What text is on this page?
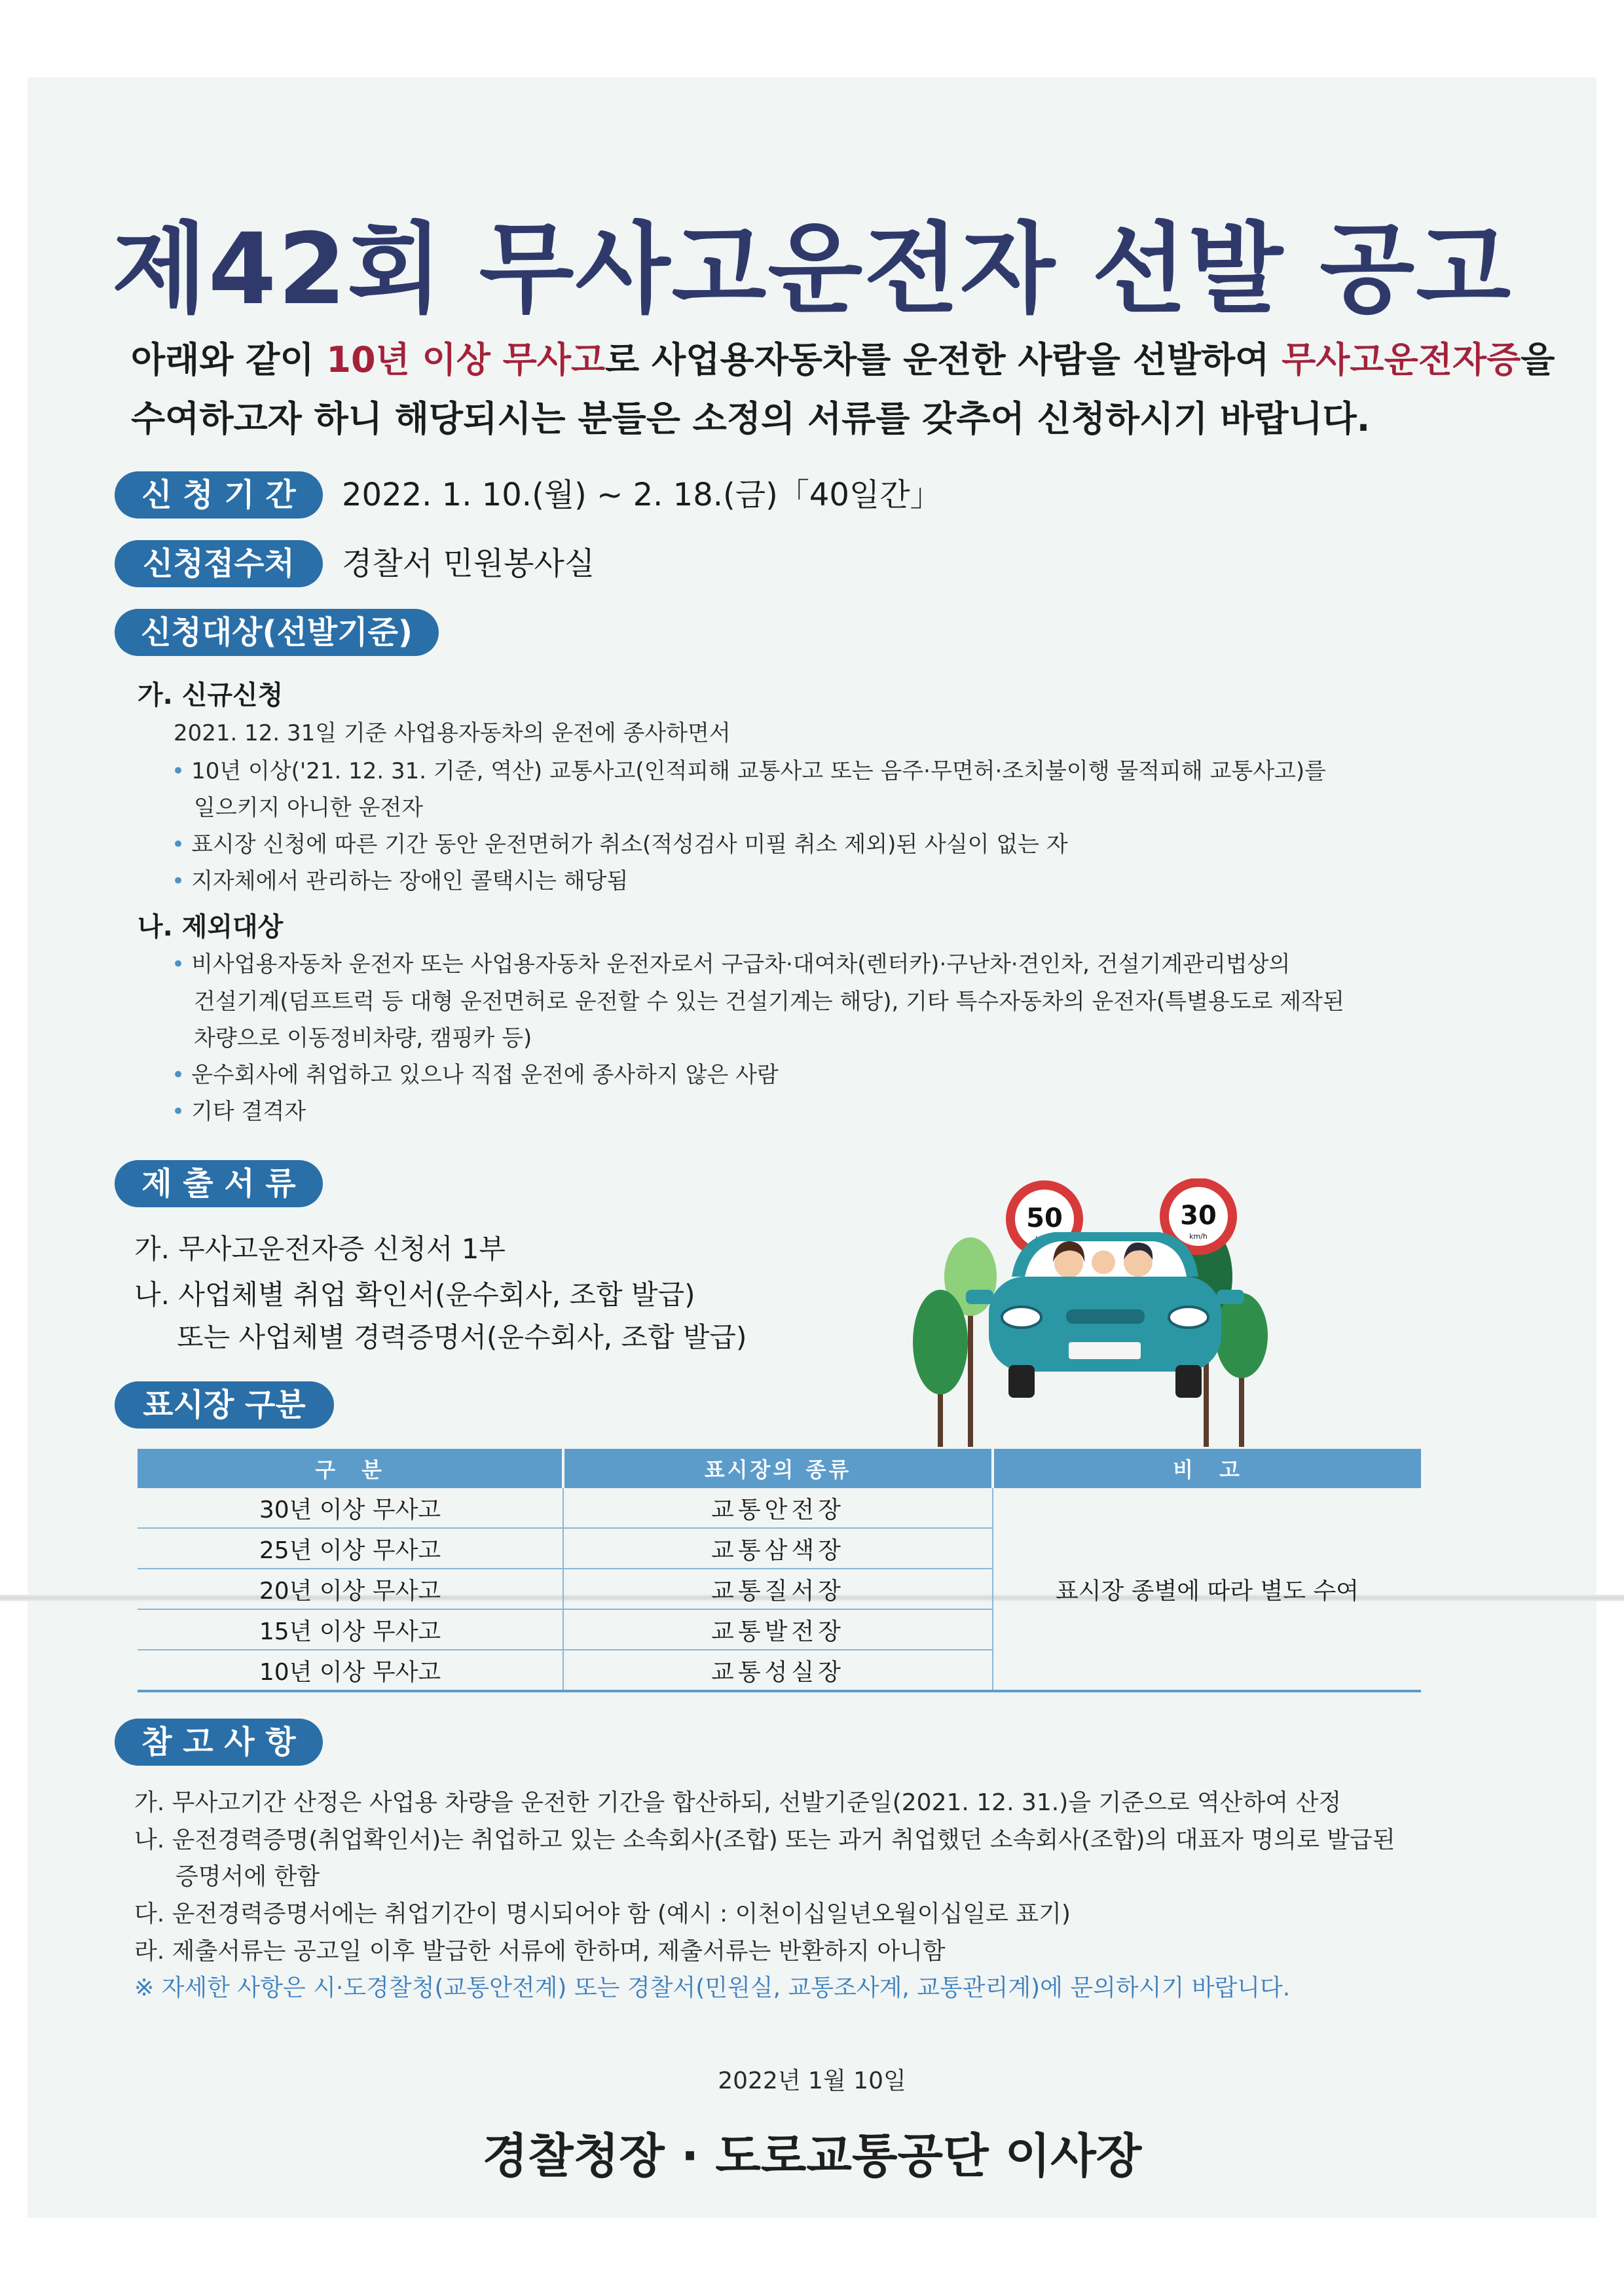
제42회 무사고운전자 선발 공고
아래와 같이 10년 이상 무사고로 사업용자동차를 운전한 사람을 선발하여 무사고운전자증을
수여하고자 하니 해당되시는 분들은 소정의 서류를 갖추어 신청하시기 바랍니다.
신 청 기 간	2022. 1. 10.(월) ~ 2. 18.(금)「40일간」
신청접수처	경찰서 민원봉사실
신청대상(선발기준)
가. 신규신청
2021. 12. 31일 기준 사업용자동차의 운전에 종사하면서
• 10년 이상('21. 12. 31. 기준, 역산) 교통사고(인적피해 교통사고 또는 음주·무면허·조치불이행 물적피해 교통사고)를
일으키지 아니한 운전자
• 표시장 신청에 따른 기간 동안 운전면허가 취소(적성검사 미필 취소 제외)된 사실이 없는 자
• 지자체에서 관리하는 장애인 콜택시는 해당됨
나. 제외대상
• 비사업용자동차 운전자 또는 사업용자동차 운전자로서 구급차·대여차(렌터카)·구난차·견인차, 건설기계관리법상의
건설기계(덤프트럭 등 대형 운전면허로 운전할 수 있는 건설기계는 해당), 기타 특수자동차의 운전자(특별용도로 제작된
차량으로 이동정비차량, 캠핑카 등)
• 운수회사에 취업하고 있으나 직접 운전에 종사하지 않은 사람
• 기타 결격자
제 출 서 류
가. 무사고운전자증 신청서 1부
나. 사업체별 취업 확인서(운수회사, 조합 발급)
또는 사업체별 경력증명서(운수회사, 조합 발급)
50	30
km/h
표시장 구분
구　분	표시장의 종류	비　고
30년 이상 무사고	교통안전장	표시장 종별에 따라 별도 수여
25년 이상 무사고	교통삼색장	
20년 이상 무사고	교통질서장	
15년 이상 무사고	교통발전장	
10년 이상 무사고	교통성실장	
참 고 사 항
가. 무사고기간 산정은 사업용 차량을 운전한 기간을 합산하되, 선발기준일(2021. 12. 31.)을 기준으로 역산하여 산정
나. 운전경력증명(취업확인서)는 취업하고 있는 소속회사(조합) 또는 과거 취업했던 소속회사(조합)의 대표자 명의로 발급된
증명서에 한함
다. 운전경력증명서에는 취업기간이 명시되어야 함 (예시 : 이천이십일년오월이십일로 표기)
라. 제출서류는 공고일 이후 발급한 서류에 한하며, 제출서류는 반환하지 아니함
※ 자세한 사항은 시·도경찰청(교통안전계) 또는 경찰서(민원실, 교통조사계, 교통관리계)에 문의하시기 바랍니다.
2022년 1월 10일
경찰청장 · 도로교통공단 이사장
